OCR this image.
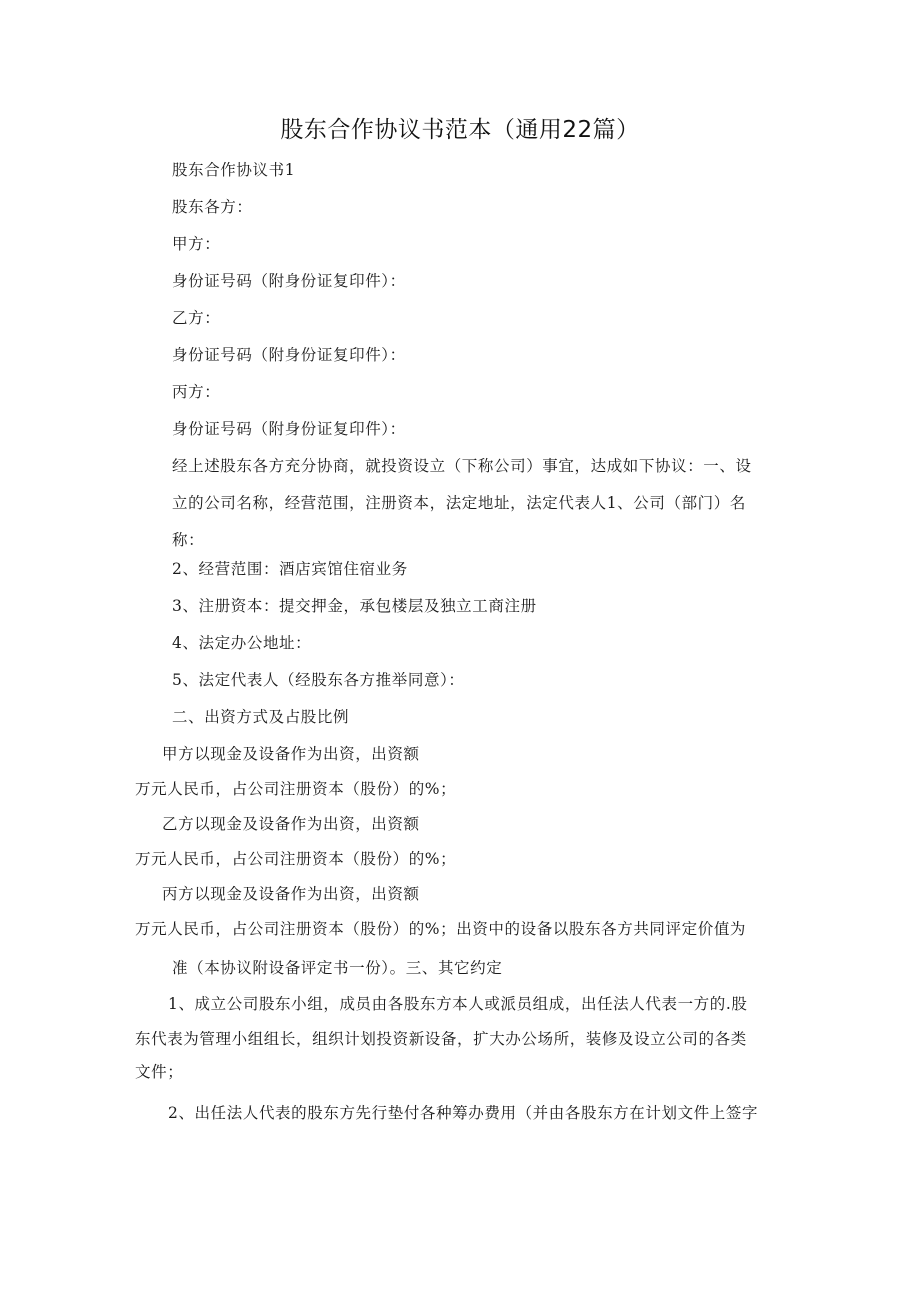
股东合作协议书范本（通用22篇）
股东合作协议书1
股东各方：
甲方：
身份证号码（附身份证复印件）：
乙方：
身份证号码（附身份证复印件）：
丙方：
身份证号码（附身份证复印件）：
经上述股东各方充分协商，就投资设立（下称公司）事宜，达成如下协议：一、设
立的公司名称，经营范围，注册资本，法定地址，法定代表人1、公司（部门）名
称：
2、经营范围：酒店宾馆住宿业务
3、注册资本：提交押金，承包楼层及独立工商注册
4、法定办公地址：
5、法定代表人（经股东各方推举同意）：
二、出资方式及占股比例
甲方以现金及设备作为出资，出资额
万元人民币，占公司注册资本（股份）的%；
乙方以现金及设备作为出资，出资额
万元人民币，占公司注册资本（股份）的%；
丙方以现金及设备作为出资，出资额
万元人民币，占公司注册资本（股份）的%；出资中的设备以股东各方共同评定价值为
准（本协议附设备评定书一份）。三、其它约定
1、成立公司股东小组，成员由各股东方本人或派员组成，出任法人代表一方的.股
东代表为管理小组组长，组织计划投资新设备，扩大办公场所，装修及设立公司的各类
文件；
2、出任法人代表的股东方先行垫付各种筹办费用（并由各股东方在计划文件上签字
